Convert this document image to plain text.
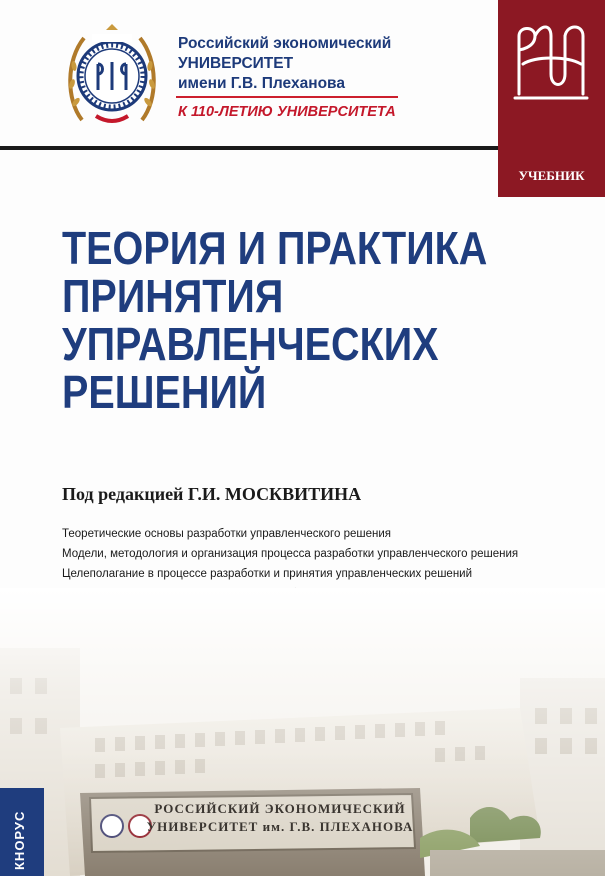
Российский экономический
УНИВЕРСИТЕТ
имени Г.В. Плеханова
К 110-ЛЕТИЮ УНИВЕРСИТЕТА
УЧЕБНИК
ТЕОРИЯ И ПРАКТИКА
ПРИНЯТИЯ
УПРАВЛЕНЧЕСКИХ
РЕШЕНИЙ
Под редакцией Г.И. МОСКВИТИНА
Теоретические основы разработки управленческого решения
Модели, методология и организация процесса разработки управленческого решения
Целеполагание в процессе разработки и принятия управленческих решений
РОССИЙСКИЙ ЭКОНОМИЧЕСКИЙ
УНИВЕРСИТЕТ им. Г.В. ПЛЕХАНОВА
КНОРУС
